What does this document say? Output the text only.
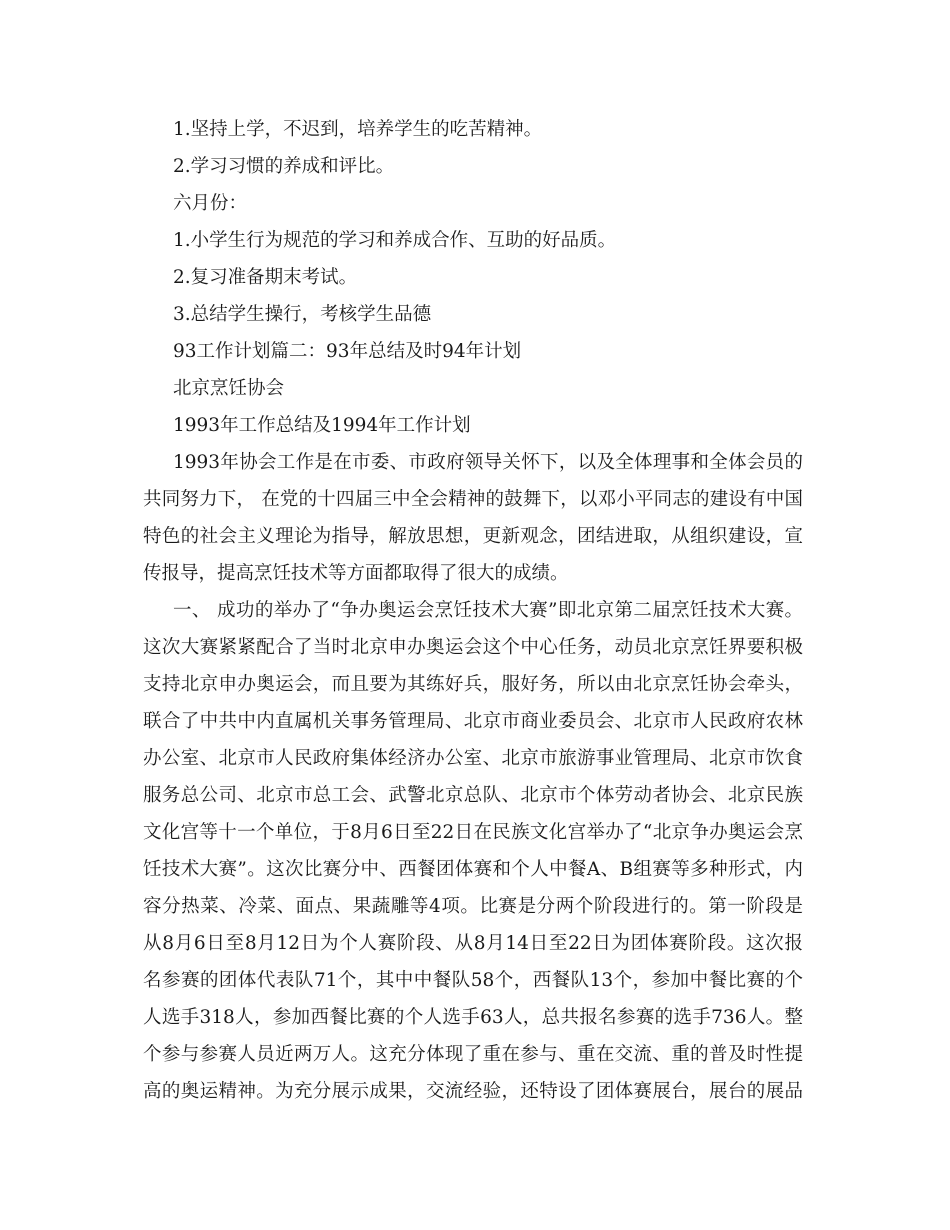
1.坚持上学，不迟到，培养学生的吃苦精神。
2.学习习惯的养成和评比。
六月份：
1.小学生行为规范的学习和养成合作、互助的好品质。
2.复习准备期末考试。
3.总结学生操行，考核学生品德
93工作计划篇二：93年总结及时94年计划
北京烹饪协会
1993年工作总结及1994年工作计划
1993年协会工作是在市委、市政府领导关怀下，以及全体理事和全体会员的
共同努力下， 在党的十四届三中全会精神的鼓舞下，以邓小平同志的建设有中国
特色的社会主义理论为指导，解放思想，更新观念，团结进取，从组织建设，宣
传报导，提高烹饪技术等方面都取得了很大的成绩。
一、 成功的举办了“争办奥运会烹饪技术大赛”即北京第二届烹饪技术大赛。
这次大赛紧紧配合了当时北京申办奥运会这个中心任务，动员北京烹饪界要积极
支持北京申办奥运会，而且要为其练好兵，服好务，所以由北京烹饪协会牵头，
联合了中共中内直属机关事务管理局、北京市商业委员会、北京市人民政府农林
办公室、北京市人民政府集体经济办公室、北京市旅游事业管理局、北京市饮食
服务总公司、北京市总工会、武警北京总队、北京市个体劳动者协会、北京民族
文化宫等十一个单位，于8月6日至22日在民族文化宫举办了“北京争办奥运会烹
饪技术大赛”。这次比赛分中、西餐团体赛和个人中餐A、B组赛等多种形式，内
容分热菜、冷菜、面点、果蔬雕等4项。比赛是分两个阶段进行的。第一阶段是
从8月6日至8月12日为个人赛阶段、从8月14日至22日为团体赛阶段。这次报
名参赛的团体代表队71个，其中中餐队58个，西餐队13个，参加中餐比赛的个
人选手318人，参加西餐比赛的个人选手63人，总共报名参赛的选手736人。整
个参与参赛人员近两万人。这充分体现了重在参与、重在交流、重的普及时性提
高的奥运精神。为充分展示成果，交流经验，还特设了团体赛展台，展台的展品
